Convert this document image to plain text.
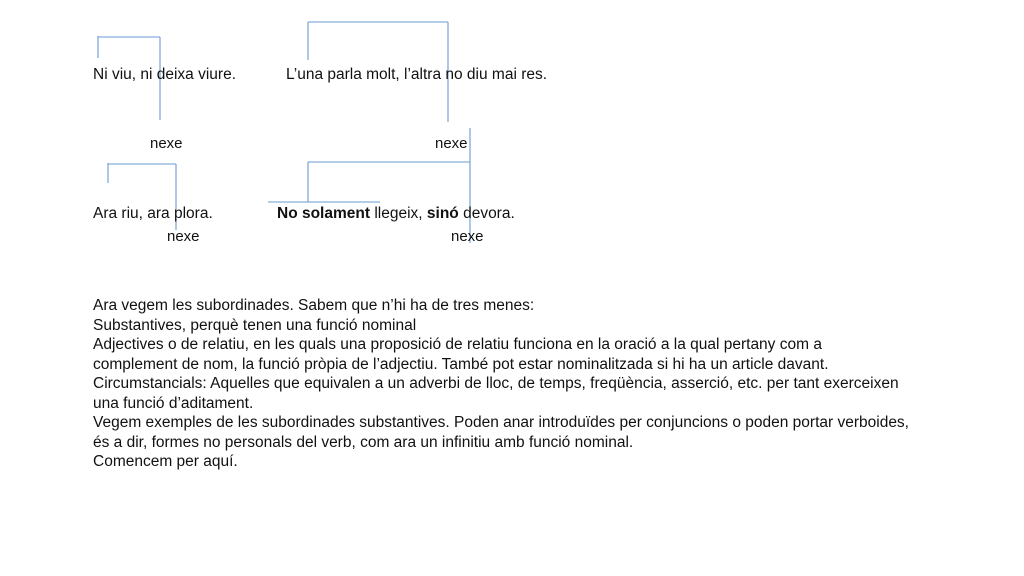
Ni viu, ni deixa viure.	L’una parla molt, l’altra no diu mai res.
nexe	nexe
Ara riu, ara plora.	No solament llegeix, sinó devora.
nexe	nexe

Ara vegem les subordinades. Sabem que n’hi ha de tres menes:

Substantives, perquè tenen una funció nominal

Adjectives o de relatiu, en les quals una proposició de relatiu funciona en la oració a la qual pertany com a

complement de nom, la funció pròpia de l’adjectiu. També pot estar nominalitzada si hi ha un article davant.

Circumstancials: Aquelles que equivalen a un adverbi de lloc, de temps, freqüència, asserció, etc. per tant exerceixen

una funció d’aditament.

Vegem exemples de les subordinades substantives. Poden anar introduïdes per conjuncions o poden portar verboides,

és a dir, formes no personals del verb, com ara un infinitiu amb funció nominal.

Comencem per aquí.
